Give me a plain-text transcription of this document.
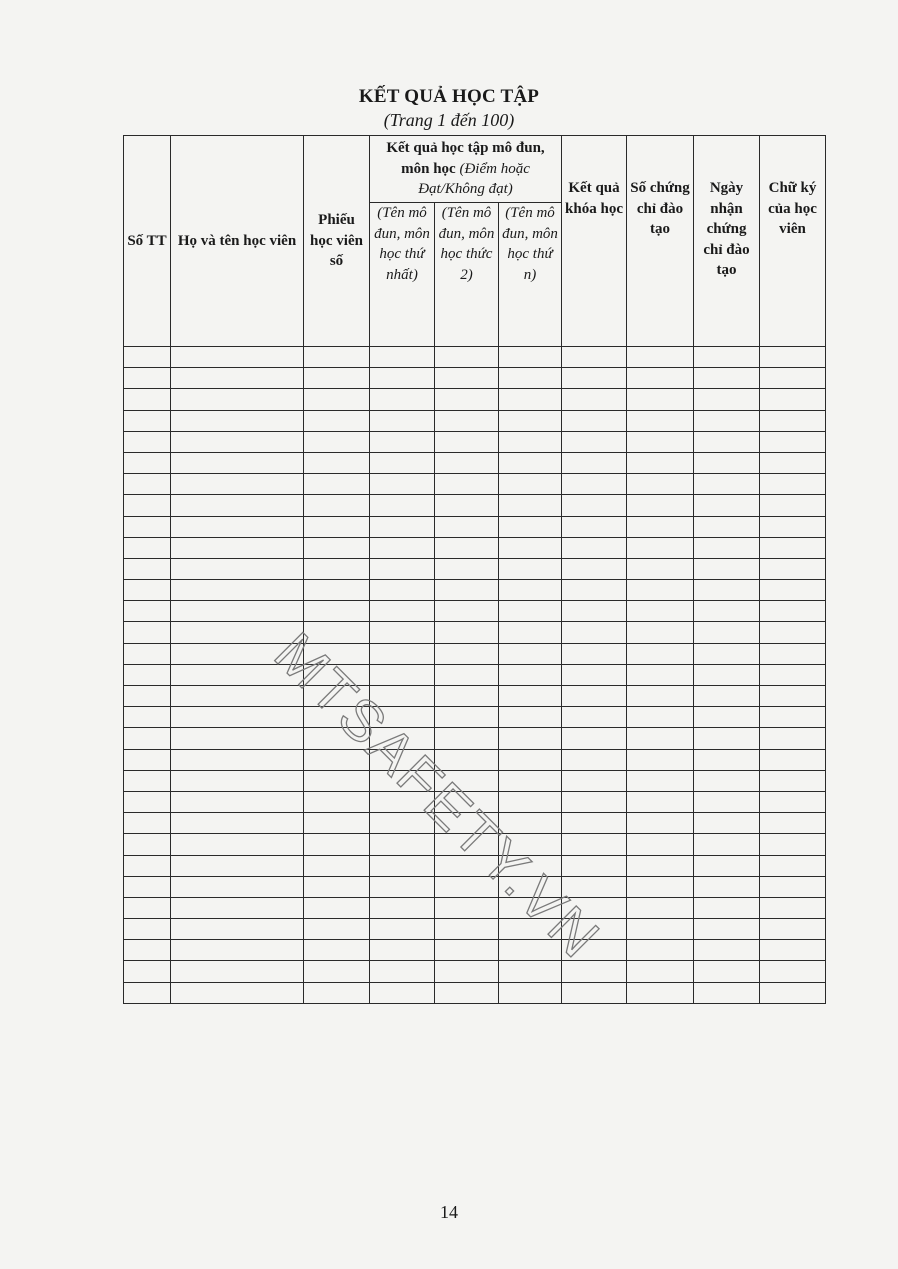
KẾT QUẢ HỌC TẬP
(Trang 1 đến 100)
Số TT	Họ và tên học viên	Phiếu học viên số	Kết quả học tập mô đun, môn học (Điểm hoặc Đạt/Không đạt)			Kết quả khóa học	Số chứng chỉ đào tạo	Ngày nhận chứng chỉ đào tạo	Chữ ký của học viên
			(Tên mô đun, môn học thứ nhất)	(Tên mô đun, môn học thức 2)	(Tên mô đun, môn học thứ n)				

MTSAFETY.VN
14
